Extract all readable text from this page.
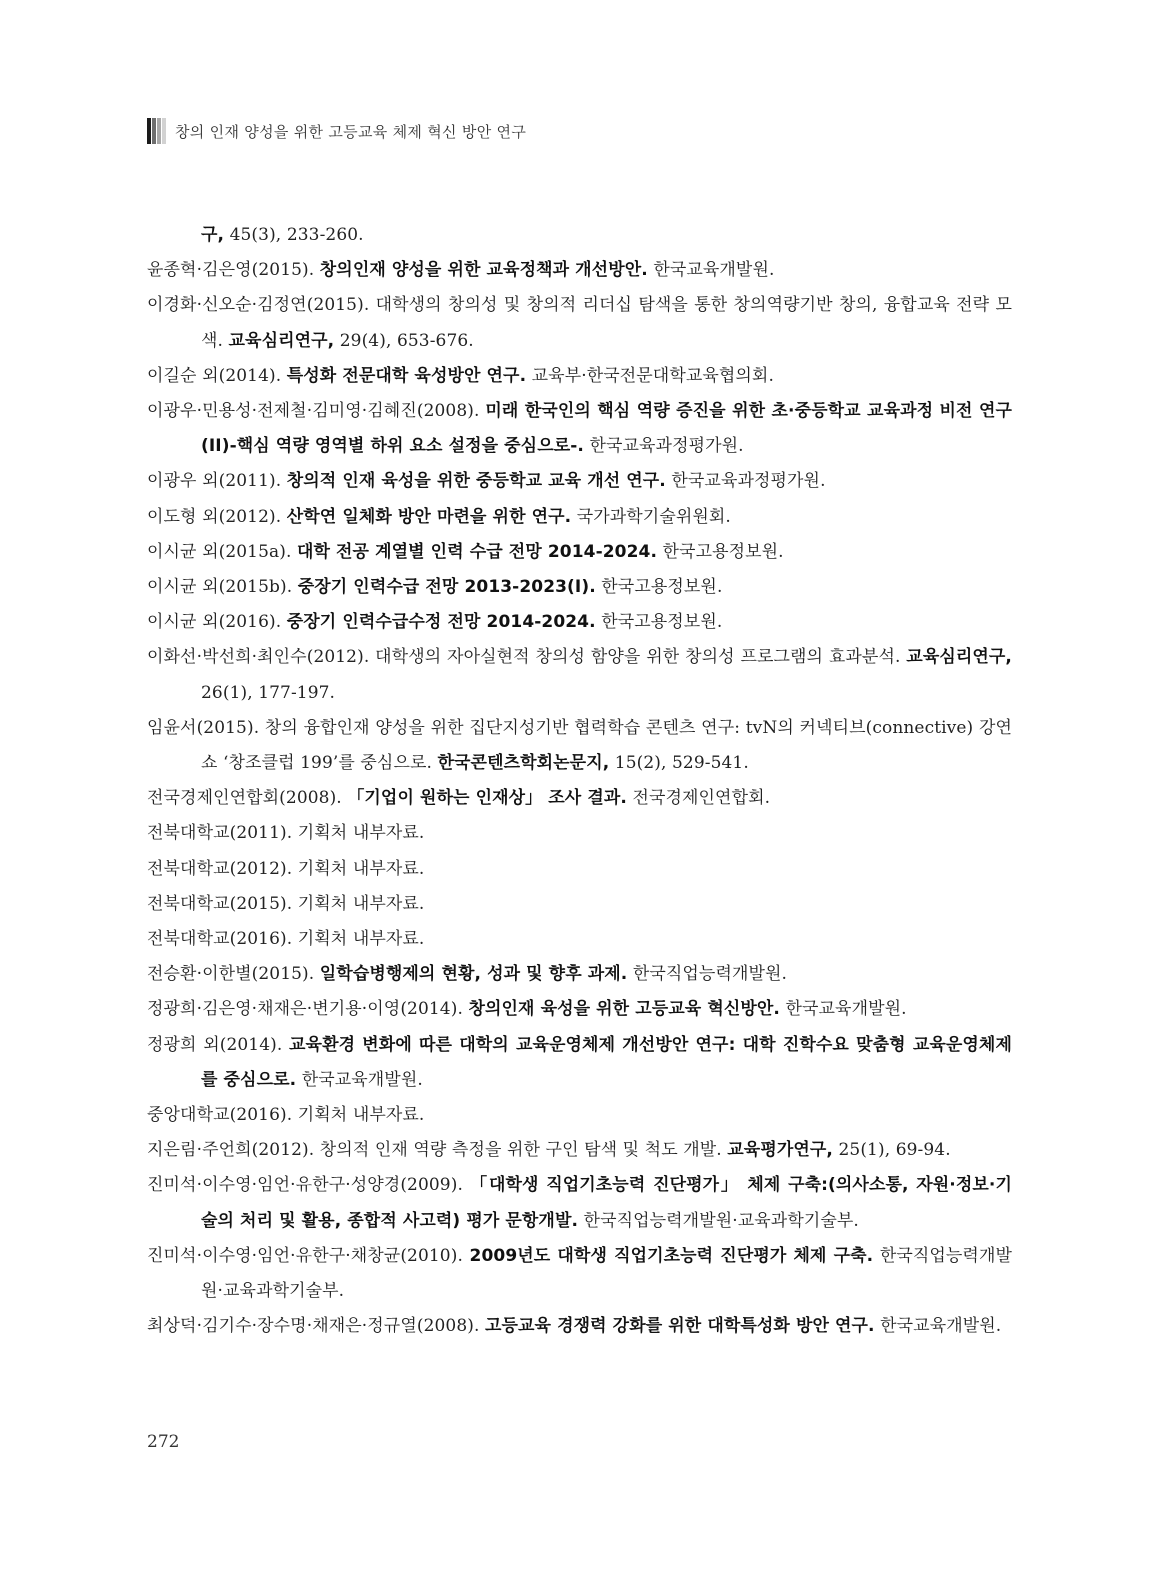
창의 인재 양성을 위한 고등교육 체제 혁신 방안 연구

구, 45(3), 233-260.

윤종혁·김은영(2015). 창의인재 양성을 위한 교육정책과 개선방안. 한국교육개발원.

이경화·신오순·김정연(2015). 대학생의 창의성 및 창의적 리더십 탐색을 통한 창의역량기반 창의, 융합교육 전략 모색. 교육심리연구, 29(4), 653-676.

이길순 외(2014). 특성화 전문대학 육성방안 연구. 교육부·한국전문대학교육협의회.

이광우·민용성·전제철·김미영·김혜진(2008). 미래 한국인의 핵심 역량 증진을 위한 초·중등학교 교육과정 비전 연구(II)-핵심 역량 영역별 하위 요소 설정을 중심으로-. 한국교육과정평가원.

이광우 외(2011). 창의적 인재 육성을 위한 중등학교 교육 개선 연구. 한국교육과정평가원.

이도형 외(2012). 산학연 일체화 방안 마련을 위한 연구. 국가과학기술위원회.

이시균 외(2015a). 대학 전공 계열별 인력 수급 전망 2014-2024. 한국고용정보원.

이시균 외(2015b). 중장기 인력수급 전망 2013-2023(Ⅰ). 한국고용정보원.

이시균 외(2016). 중장기 인력수급수정 전망 2014-2024. 한국고용정보원.

이화선·박선희·최인수(2012). 대학생의 자아실현적 창의성 함양을 위한 창의성 프로그램의 효과분석. 교육심리연구, 26(1), 177-197.

임윤서(2015). 창의 융합인재 양성을 위한 집단지성기반 협력학습 콘텐츠 연구: tvN의 커넥티브(connective) 강연쇼 ‘창조클럽 199’를 중심으로. 한국콘텐츠학회논문지, 15(2), 529-541.

전국경제인연합회(2008). 「기업이 원하는 인재상」 조사 결과. 전국경제인연합회.

전북대학교(2011). 기획처 내부자료.

전북대학교(2012). 기획처 내부자료.

전북대학교(2015). 기획처 내부자료.

전북대학교(2016). 기획처 내부자료.

전승환·이한별(2015). 일학습병행제의 현황, 성과 및 향후 과제. 한국직업능력개발원.

정광희·김은영·채재은·변기용·이영(2014). 창의인재 육성을 위한 고등교육 혁신방안. 한국교육개발원.

정광희 외(2014). 교육환경 변화에 따른 대학의 교육운영체제 개선방안 연구: 대학 진학수요 맞춤형 교육운영체제를 중심으로. 한국교육개발원.

중앙대학교(2016). 기획처 내부자료.

지은림·주언희(2012). 창의적 인재 역량 측정을 위한 구인 탐색 및 척도 개발. 교육평가연구, 25(1), 69-94.

진미석·이수영·임언·유한구·성양경(2009). 「대학생 직업기초능력 진단평가」 체제 구축:(의사소통, 자원·정보·기술의 처리 및 활용, 종합적 사고력) 평가 문항개발. 한국직업능력개발원·교육과학기술부.

진미석·이수영·임언·유한구·채창균(2010). 2009년도 대학생 직업기초능력 진단평가 체제 구축. 한국직업능력개발원·교육과학기술부.

최상덕·김기수·장수명·채재은·정규열(2008). 고등교육 경쟁력 강화를 위한 대학특성화 방안 연구. 한국교육개발원.

272
